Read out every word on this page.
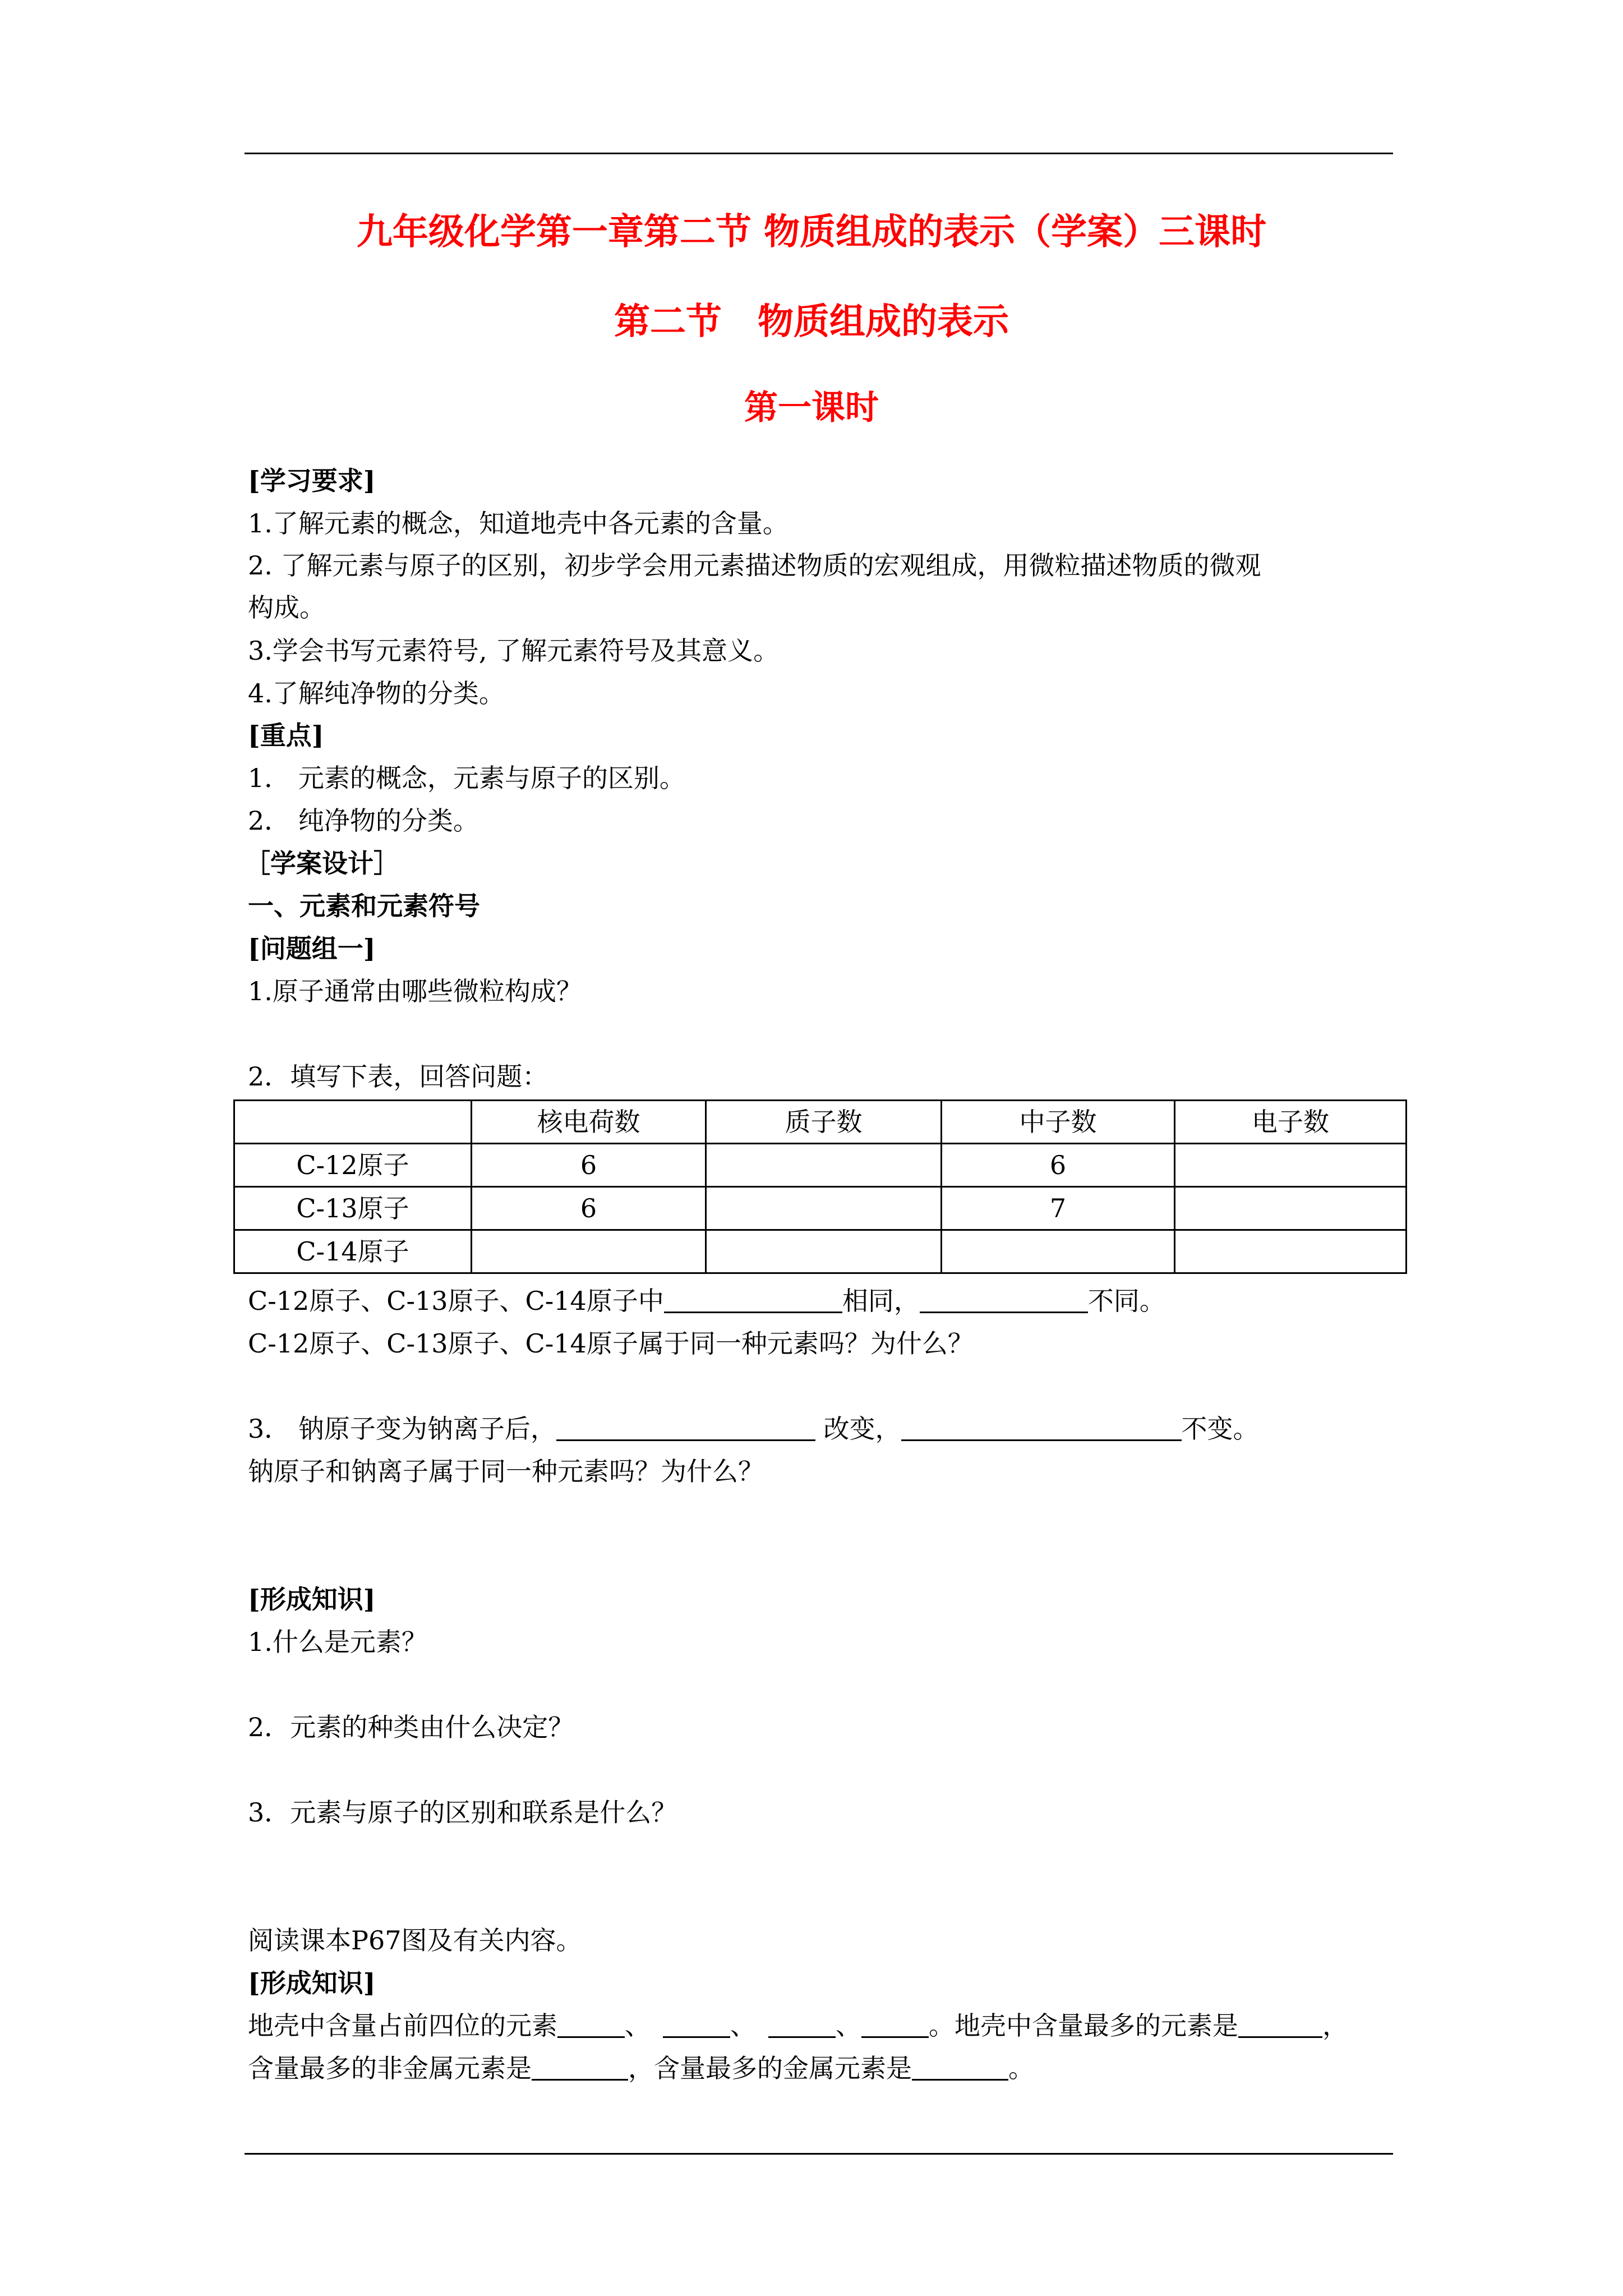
九年级化学第一章第二节 物质组成的表示（学案）三课时
第二节　物质组成的表示
第一课时
[学习要求]
1.了解元素的概念，知道地壳中各元素的含量。
2. 了解元素与原子的区别，初步学会用元素描述物质的宏观组成，用微粒描述物质的微观
构成。
3.学会书写元素符号, 了解元素符号及其意义。
4.了解纯净物的分类。
[重点]
1． 元素的概念，元素与原子的区别。
2． 纯净物的分类。
［学案设计］
一、元素和元素符号
[问题组一]
1.原子通常由哪些微粒构成？
2．填写下表，回答问题：
	核电荷数	质子数	中子数	电子数
C-12原子	6		6	
C-13原子	6		7	
C-14原子				
C-12原子、C-13原子、C-14原子中	相同，	不同。
C-12原子、C-13原子、C-14原子属于同一种元素吗？为什么？
3． 钠原子变为钠离子后，	改变，	不变。
钠原子和钠离子属于同一种元素吗？为什么？
[形成知识]
1.什么是元素？
2．元素的种类由什么决定？
3．元素与原子的区别和联系是什么？
阅读课本P67图及有关内容。
[形成知识]
地壳中含量占前四位的元素	、	、	、	。地壳中含量最多的元素是	，
含量最多的非金属元素是	，含量最多的金属元素是	。
